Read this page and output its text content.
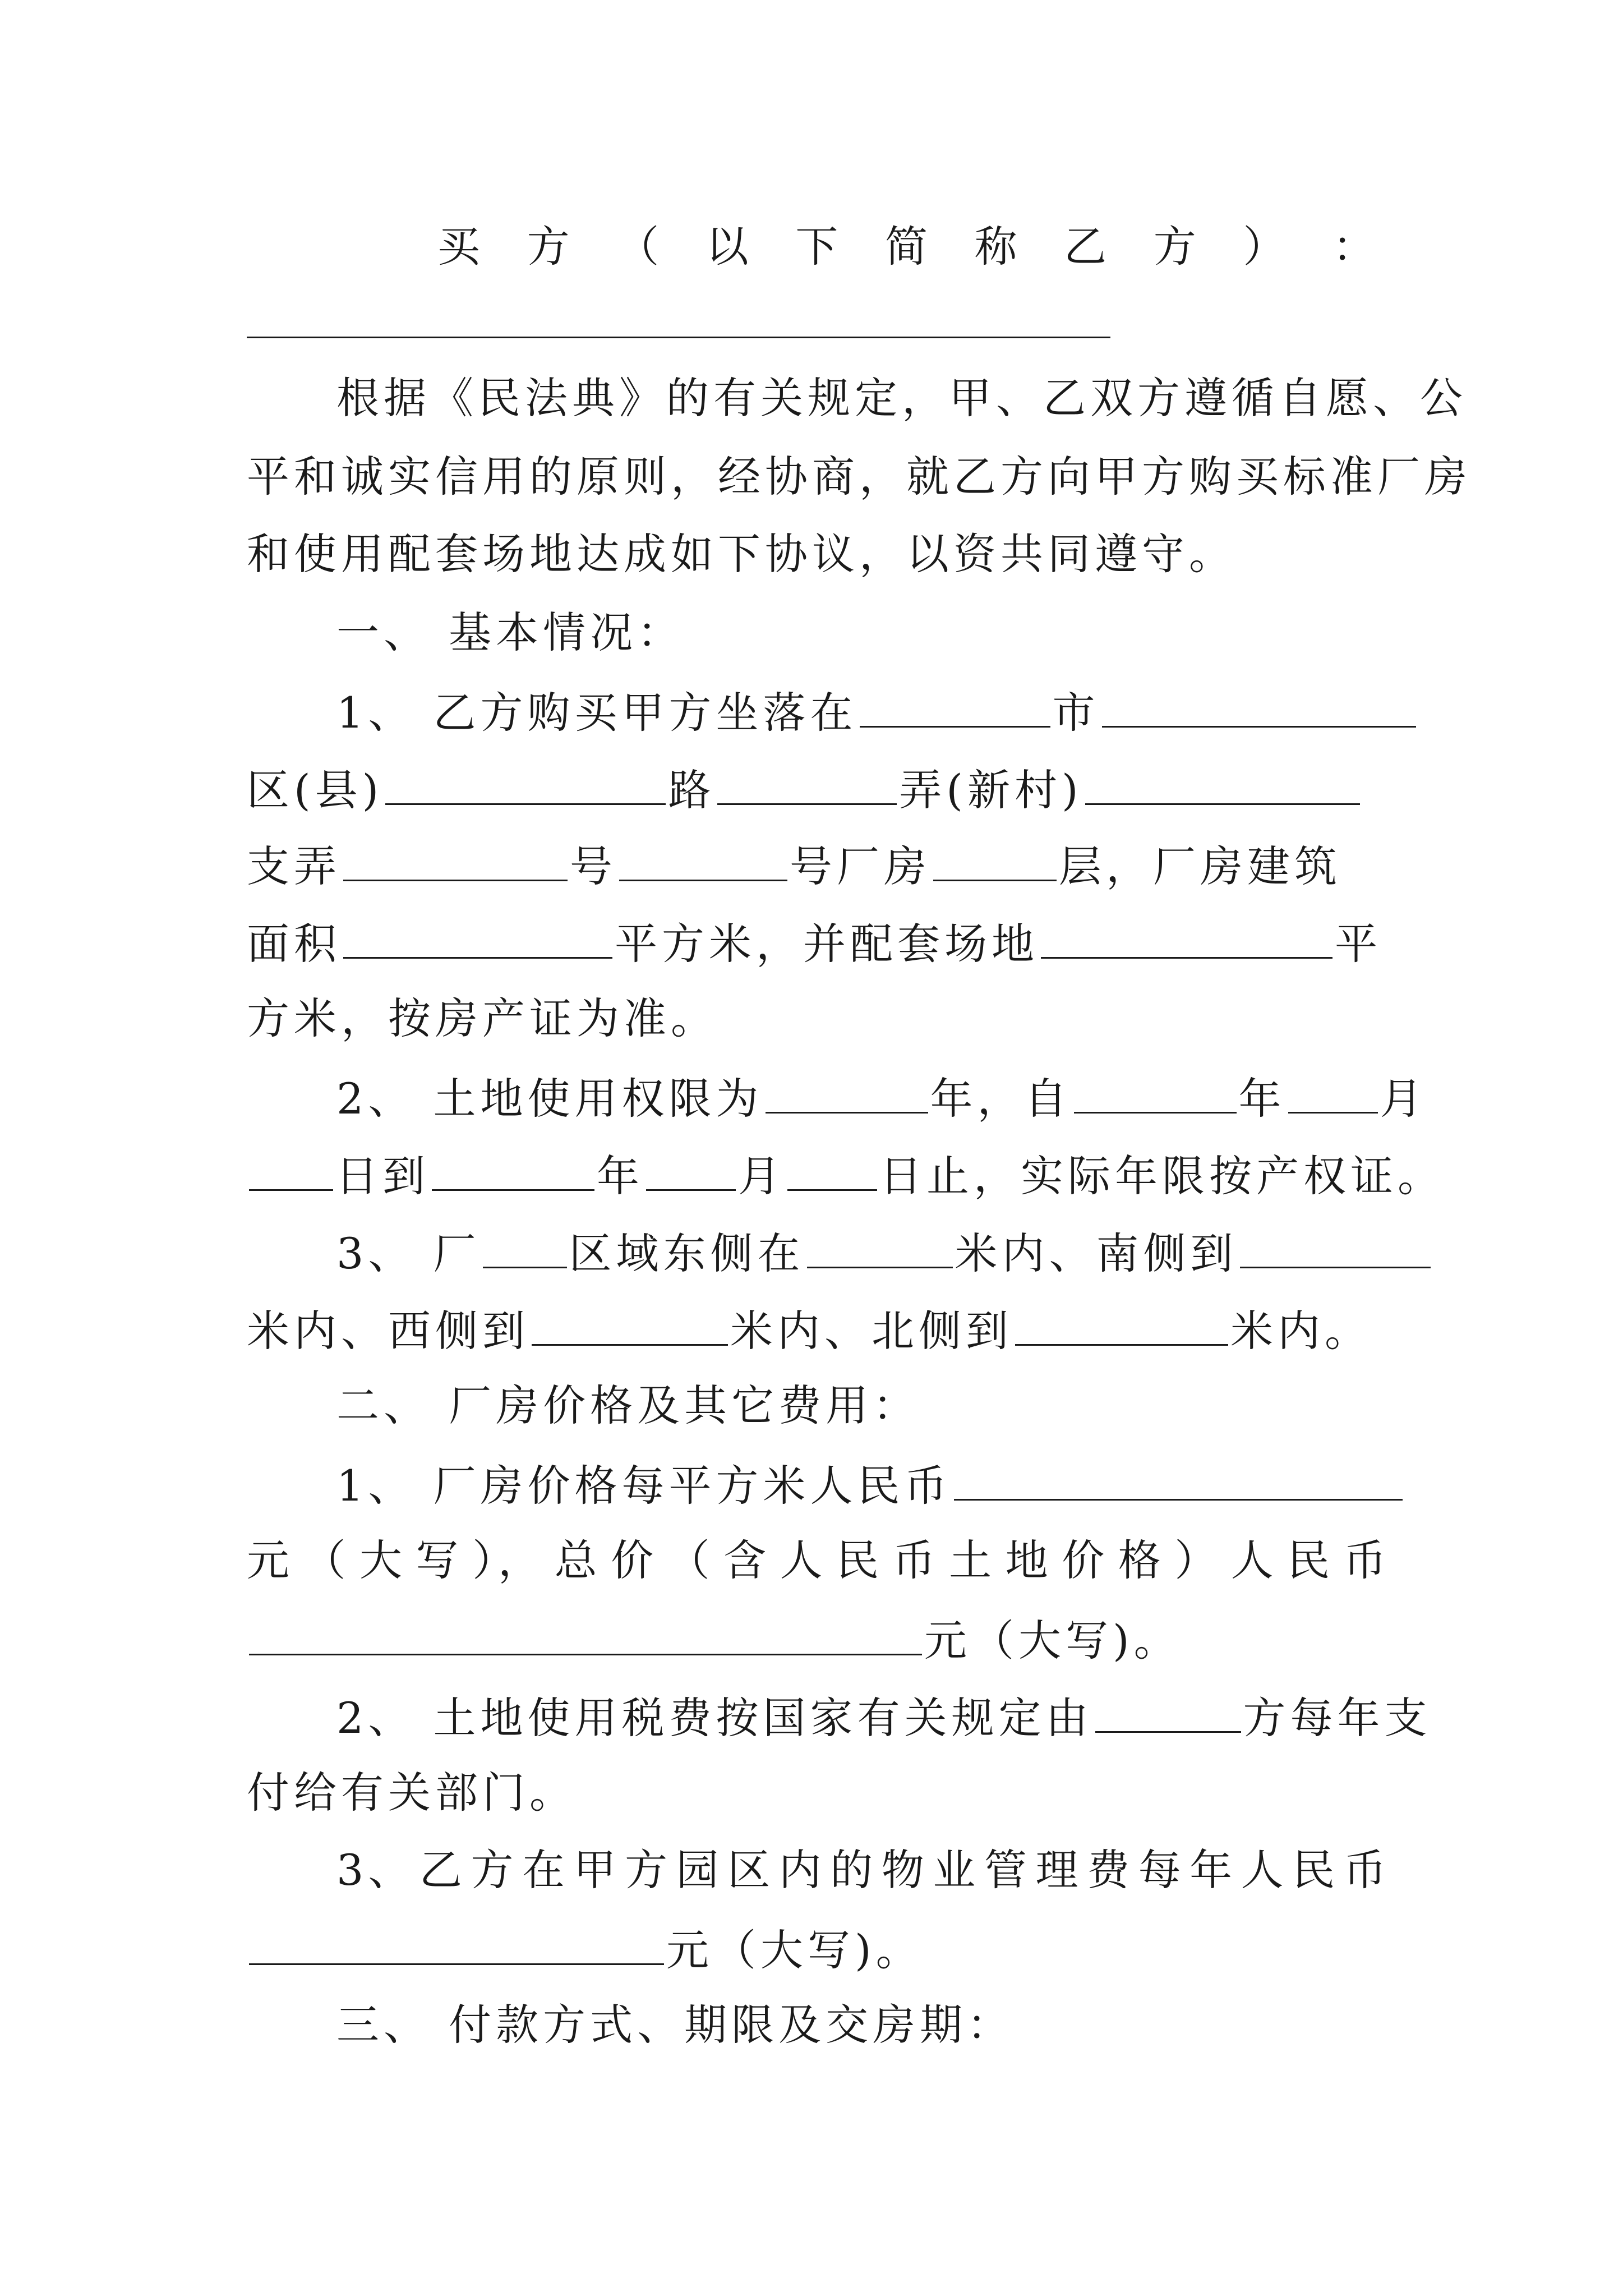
买 方 （ 以 下 简 称 乙 方 ） ：
根据《民法典》的有关规定，甲、乙双方遵循自愿、公
平和诚实信用的原则，经协商，就乙方向甲方购买标准厂房
和使用配套场地达成如下协议，以资共同遵守。
一、 基本情况：
1、 乙方购买甲方坐落在	市
区(县)	路	弄(新村)
支弄	号	号厂房	层，厂房建筑
面积	平方米，并配套场地	平
方米，按房产证为准。
2、 土地使用权限为	年，自	年 月
日到	年 月 日止，实际年限按产权证。
3、 厂 区域东侧在	米内、南侧到
米内、西侧到	米内、北侧到	米内。
二、 厂房价格及其它费用：
1、 厂房价格每平方米人民币
元 （ 大 写 ）， 总 价 （ 含 人 民 币 土 地 价 格 ） 人 民 币
元（大写)。
2、 土地使用税费按国家有关规定由	方每年支
付给有关部门。
3、 乙 方 在 甲 方 园 区 内 的 物 业 管 理 费 每 年 人 民 币
元（大写)。
三、 付款方式、期限及交房期：
